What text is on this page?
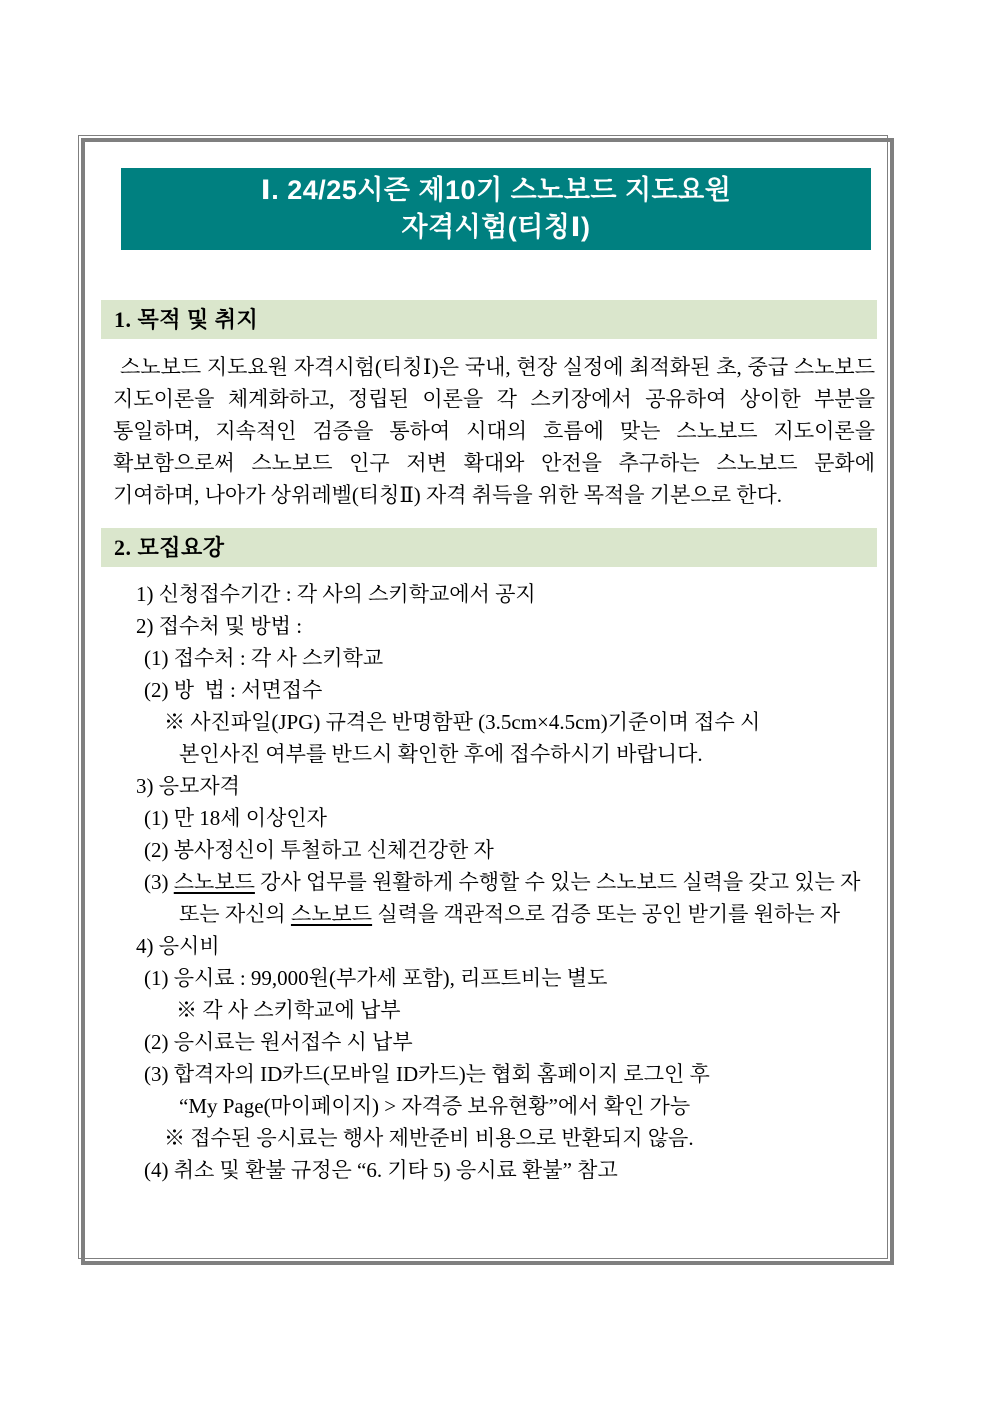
Ⅰ. 24/25시즌 제10기 스노보드 지도요원
자격시험(티칭Ⅰ)
1. 목적 및 취지
스노보드 지도요원 자격시험(티칭Ⅰ)은 국내, 현장 실정에 최적화된 초, 중급 스노보드 지도이론을 체계화하고, 정립된 이론을 각 스키장에서 공유하여 상이한 부분을 통일하며, 지속적인 검증을 통하여 시대의 흐름에 맞는 스노보드 지도이론을 확보함으로써 스노보드 인구 저변 확대와 안전을 추구하는 스노보드 문화에 기여하며, 나아가 상위레벨(티칭Ⅱ) 자격 취득을 위한 목적을 기본으로 한다.
2. 모집요강
1) 신청접수기간 : 각 사의 스키학교에서 공지
2) 접수처 및 방법 :
(1) 접수처 : 각 사 스키학교
(2) 방  법 : 서면접수
※ 사진파일(JPG) 규격은 반명함판 (3.5cm×4.5cm)기준이며 접수 시
본인사진 여부를 반드시 확인한 후에 접수하시기 바랍니다.
3) 응모자격
(1) 만 18세 이상인자
(2) 봉사정신이 투철하고 신체건강한 자
(3) 스노보드 강사 업무를 원활하게 수행할 수 있는 스노보드 실력을 갖고 있는 자
또는 자신의 스노보드 실력을 객관적으로 검증 또는 공인 받기를 원하는 자
4) 응시비
(1) 응시료 : 99,000원(부가세 포함), 리프트비는 별도
※ 각 사 스키학교에 납부
(2) 응시료는 원서접수 시 납부
(3) 합격자의 ID카드(모바일 ID카드)는 협회 홈페이지 로그인 후
“My Page(마이페이지) > 자격증 보유현황”에서 확인 가능
※ 접수된 응시료는 행사 제반준비 비용으로 반환되지 않음.
(4) 취소 및 환불 규정은 “6. 기타 5) 응시료 환불” 참고
